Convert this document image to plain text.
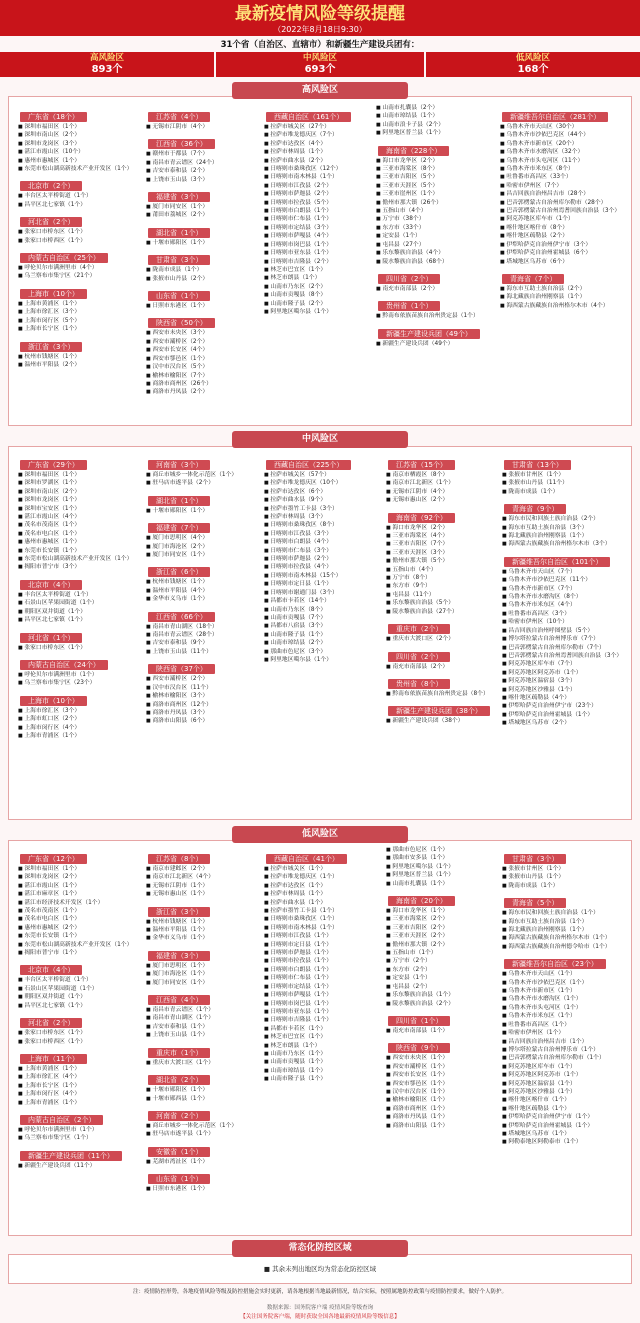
最新疫情风险等级提醒
（2022年8月18日9:30）
31个省（自治区、直辖市）和新疆生产建设兵团有：
高风险区
893个
中风险区
693个
低风险区
168个
高风险区
广东省（18个）
■ 深圳市福田区（1个）
■ 深圳市南山区（2个）
■ 深圳市龙岗区（3个）
■ 湛江市霞山区（10个）
■ 惠州市惠城区（1个）
■ 东莞市松山湖高新技术产业开发区（1个）
北京市（2个）
■ 丰台区太平桥街道（1个）
■ 昌平区北七家镇（1个）
河北省（2个）
■ 张家口市桥东区（1个）
■ 张家口市桥西区（1个）
内蒙古自治区（25个）
■ 呼伦贝尔市满洲里市（4个）
■ 乌兰察布市集宁区（21个）
上海市（10个）
■ 上海市黄浦区（1个）
■ 上海市徐汇区（3个）
■ 上海市闵行区（5个）
■ 上海市长宁区（1个）
浙江省（3个）
■ 杭州市钱塘区（1个）
■ 温州市平阳县（2个）
江苏省（4个）
■ 无锡市江阴市（4个）
江西省（36个）
■ 赣州市于都县（7个）
■ 南昌市青云谱区（24个）
■ 吉安市泰和县（2个）
■ 上饶市玉山县（3个）
福建省（3个）
■ 厦门市同安区（1个）
■ 莆田市荔城区（2个）
湖北省（1个）
■ 十堰市郧阳区（1个）
甘肃省（3个）
■ 陇南市成县（1个）
■ 张掖市山丹县（2个）
山东省（1个）
■ 日照市东港区（1个）
陕西省（50个）
■ 西安市未央区（3个）
■ 西安市灞桥区（2个）
■ 西安市长安区（4个）
■ 西安市鄠邑区（1个）
■ 汉中市汉台区（5个）
■ 榆林市榆阳区（7个）
■ 商洛市商州区（26个）
■ 商洛市丹凤县（2个）
西藏自治区（161个）
■ 拉萨市城关区（27个）
■ 拉萨市堆龙德庆区（7个）
■ 拉萨市达孜区（4个）
■ 拉萨市林周县（1个）
■ 拉萨市曲水县（2个）
■ 日喀则市桑珠孜区（12个）
■ 日喀则市南木林县（1个）
■ 日喀则市江孜县（2个）
■ 日喀则市萨迦县（2个）
■ 日喀则市拉孜县（5个）
■ 日喀则市白朗县（1个）
■ 日喀则市仁布县（1个）
■ 日喀则市定结县（3个）
■ 日喀则市萨嘎县（4个）
■ 日喀则市岗巴县（1个）
■ 日喀则市亚东县（1个）
■ 日喀则市吉隆县（2个）
■ 林芝市巴宜区（1个）
■ 林芝市朗县（1个）
■ 山南市乃东区（2个）
■ 山南市贡嘎县（8个）
■ 山南市隆子县（2个）
■ 阿里地区噶尔县（1个）
■ 山南市扎囊县（2个）
■ 山南市琼结县（1个）
■ 山南市浪卡子县（2个）
■ 阿里地区普兰县（1个）
海南省（228个）
■ 海口市龙华区（2个）
■ 三亚市海棠区（8个）
■ 三亚市吉阳区（5个）
■ 三亚市天涯区（5个）
■ 三亚市崖州区（1个）
■ 儋州市那大镇（26个）
■ 五指山市（4个）
■ 万宁市（38个）
■ 东方市（33个）
■ 定安县（1个）
■ 屯昌县（27个）
■ 乐东黎族自治县（4个）
■ 陵水黎族自治县（68个）
四川省（2个）
■ 南充市南部县（2个）
贵州省（1个）
■ 黔南布依族苗族自治州贵定县（1个）
新疆生产建设兵团（49个）
■ 新疆生产建设兵团（49个）
新疆维吾尔自治区（281个）
■ 乌鲁木齐市天山区（30个）
■ 乌鲁木齐市沙依巴克区（44个）
■ 乌鲁木齐市新市区（20个）
■ 乌鲁木齐市水磨沟区（32个）
■ 乌鲁木齐市头屯河区（11个）
■ 乌鲁木齐市米东区（8个）
■ 吐鲁番市高昌区（33个）
■ 哈密市伊州区（7个）
■ 昌吉回族自治州昌吉市（28个）
■ 巴音郭楞蒙古自治州库尔勒市（28个）
■ 巴音郭楞蒙古自治州焉耆回族自治县（3个）
■ 阿克苏地区库车市（1个）
■ 喀什地区喀什市（8个）
■ 喀什地区疏勒县（2个）
■ 伊犁哈萨克自治州伊宁市（3个）
■ 伊犁哈萨克自治州霍城县（6个）
■ 塔城地区乌苏市（6个）
青海省（7个）
■ 海东市互助土族自治县（2个）
■ 海北藏族自治州刚察县（1个）
■ 海西蒙古族藏族自治州格尔木市（4个）
中风险区
广东省（29个）
■ 深圳市福田区（1个）
■ 深圳市罗湖区（1个）
■ 深圳市南山区（2个）
■ 深圳市龙岗区（1个）
■ 深圳市宝安区（1个）
■ 湛江市霞山区（4个）
■ 茂名市茂南区（1个）
■ 茂名市电白区（1个）
■ 惠州市惠城区（1个）
■ 东莞市长安镇（1个）
■ 东莞市松山湖高新技术产业开发区（1个）
■ 揭阳市普宁市（3个）
北京市（4个）
■ 丰台区太平桥街道（1个）
■ 石景山区苹果园街道（1个）
■ 朝阳区双井街道（1个）
■ 昌平区北七家镇（1个）
河北省（1个）
■ 张家口市桥东区（1个）
内蒙古自治区（24个）
■ 呼伦贝尔市满洲里市（1个）
■ 乌兰察布市集宁区（23个）
上海市（10个）
■ 上海市徐汇区（3个）
■ 上海市虹口区（2个）
■ 上海市闵行区（4个）
■ 上海市青浦区（1个）
河南省（3个）
■ 商丘市城乡一体化示范区（1个）
■ 驻马店市遂平县（2个）
湖北省（1个）
■ 十堰市郧阳区（1个）
福建省（7个）
■ 厦门市思明区（4个）
■ 厦门市海沧区（2个）
■ 厦门市同安区（1个）
浙江省（6个）
■ 杭州市钱塘区（1个）
■ 温州市平阳县（4个）
■ 金华市义乌市（1个）
江西省（66个）
■ 南昌市青山湖区（18个）
■ 南昌市青云谱区（28个）
■ 吉安市泰和县（9个）
■ 上饶市玉山县（11个）
陕西省（37个）
■ 西安市灞桥区（2个）
■ 汉中市汉台区（11个）
■ 榆林市榆阳区（3个）
■ 商洛市商州区（12个）
■ 商洛市丹凤县（3个）
■ 商洛市山阳县（6个）
西藏自治区（225个）
■ 拉萨市城关区（57个）
■ 拉萨市堆龙德庆区（10个）
■ 拉萨市达孜区（6个）
■ 拉萨市曲水县（9个）
■ 拉萨市墨竹工卡县（3个）
■ 拉萨市林周县（3个）
■ 日喀则市桑珠孜区（8个）
■ 日喀则市江孜县（3个）
■ 日喀则市白朗县（4个）
■ 日喀则市仁布县（3个）
■ 日喀则市萨迦县（2个）
■ 日喀则市拉孜县（4个）
■ 日喀则市南木林县（15个）
■ 日喀则市定日县（1个）
■ 日喀则市谢通门县（3个）
■ 昌都市卡若区（14个）
■ 山南市乃东区（8个）
■ 山南市贡嘎县（7个）
■ 昌都市八宿县（3个）
■ 山南市隆子县（1个）
■ 山南市琼结县（2个）
■ 那曲市色尼区（3个）
■ 阿里地区噶尔县（1个）
江苏省（15个）
■ 南京市栖霞区（8个）
■ 南京市江北新区（1个）
■ 无锡市江阴市（4个）
■ 无锡市惠山区（2个）
海南省（92个）
■ 海口市龙华区（2个）
■ 三亚市海棠区（4个）
■ 三亚市吉阳区（7个）
■ 三亚市天涯区（3个）
■ 儋州市那大镇（5个）
■ 五指山市（4个）
■ 万宁市（8个）
■ 东方市（9个）
■ 屯昌县（11个）
■ 乐东黎族自治县（5个）
■ 陵水黎族自治县（27个）
重庆市（2个）
■ 重庆市大渡口区（2个）
四川省（2个）
■ 南充市南部县（2个）
贵州省（8个）
■ 黔南布依族苗族自治州贵定县（8个）
新疆生产建设兵团（38个）
■ 新疆生产建设兵团（38个）
甘肃省（13个）
■ 张掖市甘州区（1个）
■ 张掖市山丹县（11个）
■ 陇南市成县（1个）
青海省（9个）
■ 海东市民和回族土族自治县（2个）
■ 海东市互助土族自治县（3个）
■ 海北藏族自治州刚察县（1个）
■ 海西蒙古族藏族自治州格尔木市（3个）
新疆维吾尔自治区（101个）
■ 乌鲁木齐市天山区（7个）
■ 乌鲁木齐市沙依巴克区（11个）
■ 乌鲁木齐市新市区（7个）
■ 乌鲁木齐市水磨沟区（8个）
■ 乌鲁木齐市米东区（4个）
■ 吐鲁番市高昌区（3个）
■ 哈密市伊州区（10个）
■ 昌吉回族自治州呼图壁县（5个）
■ 博尔塔拉蒙古自治州博乐市（7个）
■ 巴音郭楞蒙古自治州库尔勒市（7个）
■ 巴音郭楞蒙古自治州焉耆回族自治县（3个）
■ 阿克苏地区库车市（7个）
■ 阿克苏地区阿克苏市（1个）
■ 阿克苏地区温宿县（3个）
■ 阿克苏地区沙雅县（1个）
■ 喀什地区疏勒县（4个）
■ 伊犁哈萨克自治州伊宁市（23个）
■ 伊犁哈萨克自治州霍城县（1个）
■ 塔城地区乌苏市（2个）
低风险区
广东省（12个）
■ 深圳市福田区（1个）
■ 深圳市龙岗区（2个）
■ 湛江市霞山区（1个）
■ 湛江市麻章区（1个）
■ 湛江市经济技术开发区（1个）
■ 茂名市茂南区（1个）
■ 茂名市电白区（1个）
■ 惠州市惠城区（2个）
■ 东莞市长安镇（1个）
■ 东莞市松山湖高新技术产业开发区（1个）
■ 揭阳市普宁市（1个）
北京市（4个）
■ 丰台区太平桥街道（1个）
■ 石景山区苹果园街道（1个）
■ 朝阳区双井街道（1个）
■ 昌平区北七家镇（1个）
河北省（2个）
■ 张家口市桥东区（1个）
■ 张家口市桥西区（1个）
上海市（11个）
■ 上海市黄浦区（1个）
■ 上海市徐汇区（4个）
■ 上海市长宁区（1个）
■ 上海市闵行区（4个）
■ 上海市青浦区（1个）
内蒙古自治区（2个）
■ 呼伦贝尔市满洲里市（1个）
■ 乌兰察布市集宁区（1个）
新疆生产建设兵团（11个）
■ 新疆生产建设兵团（11个）
江苏省（8个）
■ 南京市建邺区（2个）
■ 南京市江北新区（4个）
■ 无锡市江阴市（1个）
■ 无锡市惠山区（1个）
浙江省（3个）
■ 杭州市钱塘区（1个）
■ 温州市平阳县（1个）
■ 金华市义乌市（1个）
福建省（3个）
■ 厦门市思明区（1个）
■ 厦门市海沧区（1个）
■ 厦门市同安区（1个）
江西省（4个）
■ 南昌市青云谱区（1个）
■ 南昌市青山湖区（1个）
■ 吉安市泰和县（1个）
■ 上饶市玉山县（1个）
重庆市（1个）
■ 重庆市大渡口区（1个）
湖北省（2个）
■ 十堰市郧阳区（1个）
■ 十堰市郧西县（1个）
河南省（2个）
■ 商丘市城乡一体化示范区（1个）
■ 驻马店市遂平县（1个）
安徽省（1个）
■ 芜湖市湾沚区（1个）
山东省（1个）
■ 日照市东港区（1个）
西藏自治区（41个）
■ 拉萨市城关区（1个）
■ 拉萨市堆龙德庆区（1个）
■ 拉萨市达孜区（1个）
■ 拉萨市林周县（1个）
■ 拉萨市曲水县（1个）
■ 拉萨市墨竹工卡县（1个）
■ 日喀则市桑珠孜区（1个）
■ 日喀则市南木林县（1个）
■ 日喀则市江孜县（1个）
■ 日喀则市定日县（1个）
■ 日喀则市萨迦县（1个）
■ 日喀则市拉孜县（1个）
■ 日喀则市白朗县（1个）
■ 日喀则市仁布县（1个）
■ 日喀则市定结县（1个）
■ 日喀则市萨嘎县（1个）
■ 日喀则市岗巴县（1个）
■ 日喀则市亚东县（1个）
■ 日喀则市吉隆县（1个）
■ 昌都市卡若区（1个）
■ 林芝市巴宜区（1个）
■ 林芝市朗县（1个）
■ 山南市乃东区（1个）
■ 山南市贡嘎县（1个）
■ 山南市琼结县（1个）
■ 山南市隆子县（1个）
■ 那曲市色尼区（1个）
■ 那曲市安多县（1个）
■ 阿里地区噶尔县（1个）
■ 阿里地区普兰县（1个）
■ 山南市扎囊县（1个）
海南省（20个）
■ 海口市龙华区（1个）
■ 三亚市海棠区（2个）
■ 三亚市吉阳区（2个）
■ 三亚市天涯区（2个）
■ 儋州市那大镇（2个）
■ 五指山市（1个）
■ 万宁市（2个）
■ 东方市（2个）
■ 定安县（1个）
■ 屯昌县（2个）
■ 乐东黎族自治县（1个）
■ 陵水黎族自治县（2个）
四川省（1个）
■ 南充市南部县（1个）
陕西省（9个）
■ 西安市未央区（1个）
■ 西安市灞桥区（1个）
■ 西安市长安区（1个）
■ 西安市鄠邑区（1个）
■ 汉中市汉台区（1个）
■ 榆林市榆阳区（1个）
■ 商洛市商州区（1个）
■ 商洛市丹凤县（1个）
■ 商洛市山阳县（1个）
甘肃省（3个）
■ 张掖市甘州区（1个）
■ 张掖市山丹县（1个）
■ 陇南市成县（1个）
青海省（5个）
■ 海东市民和回族土族自治县（1个）
■ 海东市互助土族自治县（1个）
■ 海北藏族自治州刚察县（1个）
■ 海西蒙古族藏族自治州格尔木市（1个）
■ 海西蒙古族藏族自治州德令哈市（1个）
新疆维吾尔自治区（23个）
■ 乌鲁木齐市天山区（1个）
■ 乌鲁木齐市沙依巴克区（1个）
■ 乌鲁木齐市新市区（1个）
■ 乌鲁木齐市水磨沟区（1个）
■ 乌鲁木齐市头屯河区（1个）
■ 乌鲁木齐市米东区（1个）
■ 吐鲁番市高昌区（1个）
■ 哈密市伊州区（1个）
■ 昌吉回族自治州昌吉市（1个）
■ 博尔塔拉蒙古自治州博乐市（1个）
■ 巴音郭楞蒙古自治州库尔勒市（1个）
■ 阿克苏地区库车市（1个）
■ 阿克苏地区阿克苏市（1个）
■ 阿克苏地区温宿县（1个）
■ 阿克苏地区沙雅县（1个）
■ 喀什地区喀什市（1个）
■ 喀什地区疏勒县（1个）
■ 伊犁哈萨克自治州伊宁市（1个）
■ 伊犁哈萨克自治州霍城县（1个）
■ 塔城地区乌苏市（1个）
■ 阿勒泰地区阿勒泰市（1个）
常态化防控区域
■ 其余未列出地区均为常态化防控区域
注：疫情防控形势，各地疫情风险等级及防控措施会实时更新，请各地根据当地最新情况，结合实际，按照属地防控政策与疫情防控要求，做好个人防护。
数据来源：国务院客户端 疫情风险等级查询
【关注国务院客户端，随时获取全国各地最新疫情风险等级信息】
